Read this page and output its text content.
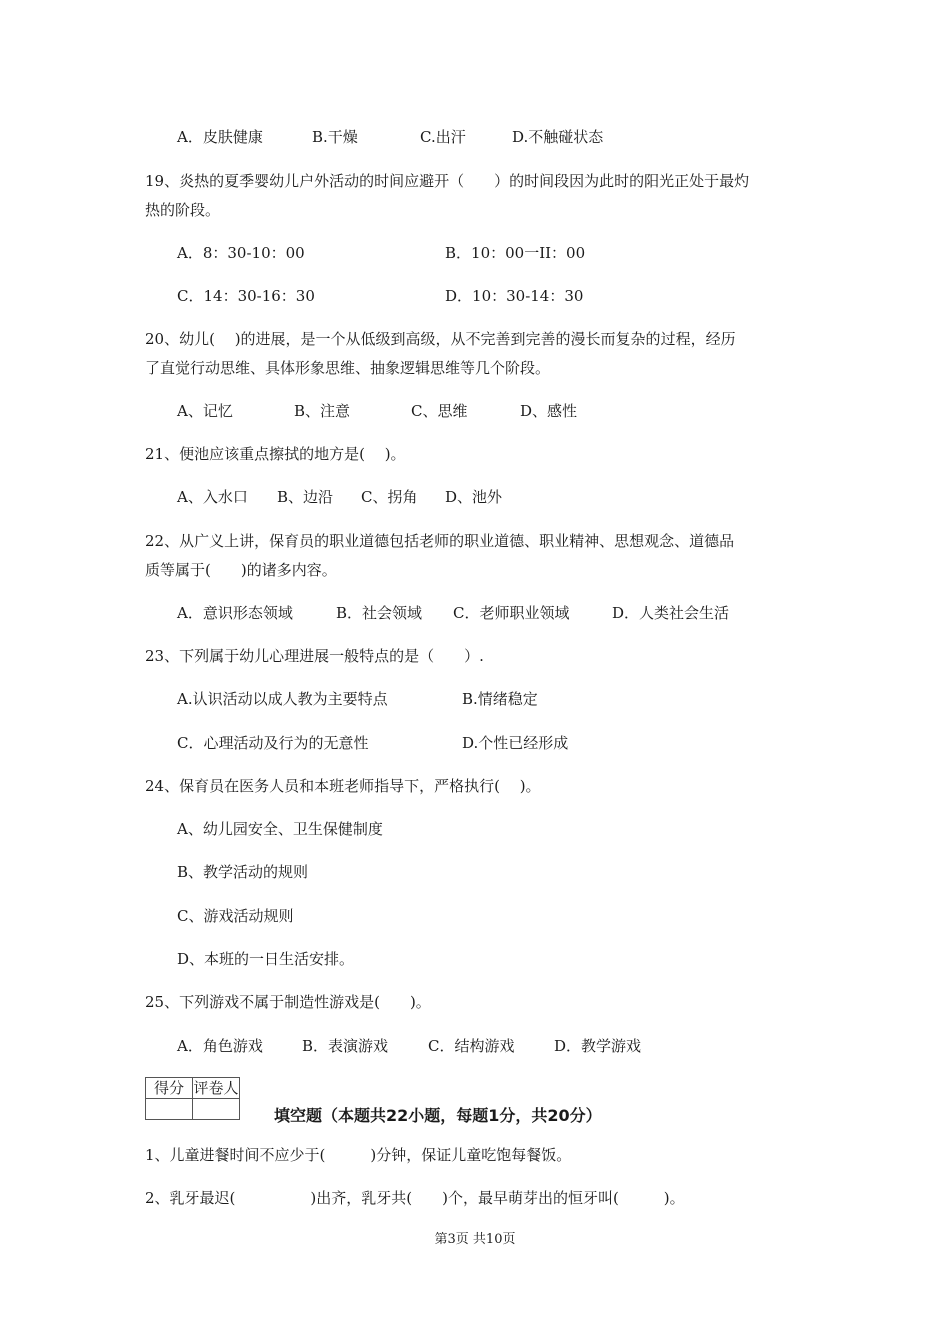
A．皮肤健康	B.干燥	C.出汗	D.不触碰状态
19、炎热的夏季婴幼儿户外活动的时间应避开（　　）的时间段因为此时的阳光正处于最灼
热的阶段。
A．8：30-10：00	B．10：00一II：00
C．14：30-16：30	D．10：30-14：30
20、幼儿(　 )的进展，是一个从低级到高级，从不完善到完善的漫长而复杂的过程，经历
了直觉行动思维、具体形象思维、抽象逻辑思维等几个阶段。
A、记忆	B、注意	C、思维	D、感性
21、便池应该重点擦拭的地方是(　 )。
A、入水口 B、边沿 C、拐角 D、池外
22、从广义上讲，保育员的职业道德包括老师的职业道德、职业精神、思想观念、道德品
质等属于(　　)的诸多内容。
A．意识形态领域	B．社会领域 C．老师职业领域	D．人类社会生活
23、下列属于幼儿心理进展一般特点的是（　　）.
A.认识活动以成人教为主要特点	B.情绪稳定
C．心理活动及行为的无意性	D.个性已经形成
24、保育员在医务人员和本班老师指导下，严格执行(　 )。
A、幼儿园安全、卫生保健制度
B、教学活动的规则
C、游戏活动规则
D、本班的一日生活安排。
25、下列游戏不属于制造性游戏是(　　)。
A．角色游戏	B．表演游戏	C．结构游戏	D．教学游戏
得分	评卷人

填空题（本题共22小题，每题1分，共20分）
1、儿童进餐时间不应少于(　　　)分钟，保证儿童吃饱每餐饭。
2、乳牙最迟(　　　　　)出齐，乳牙共(　　)个，最早萌芽出的恒牙叫(　　　)。
第3页 共10页
